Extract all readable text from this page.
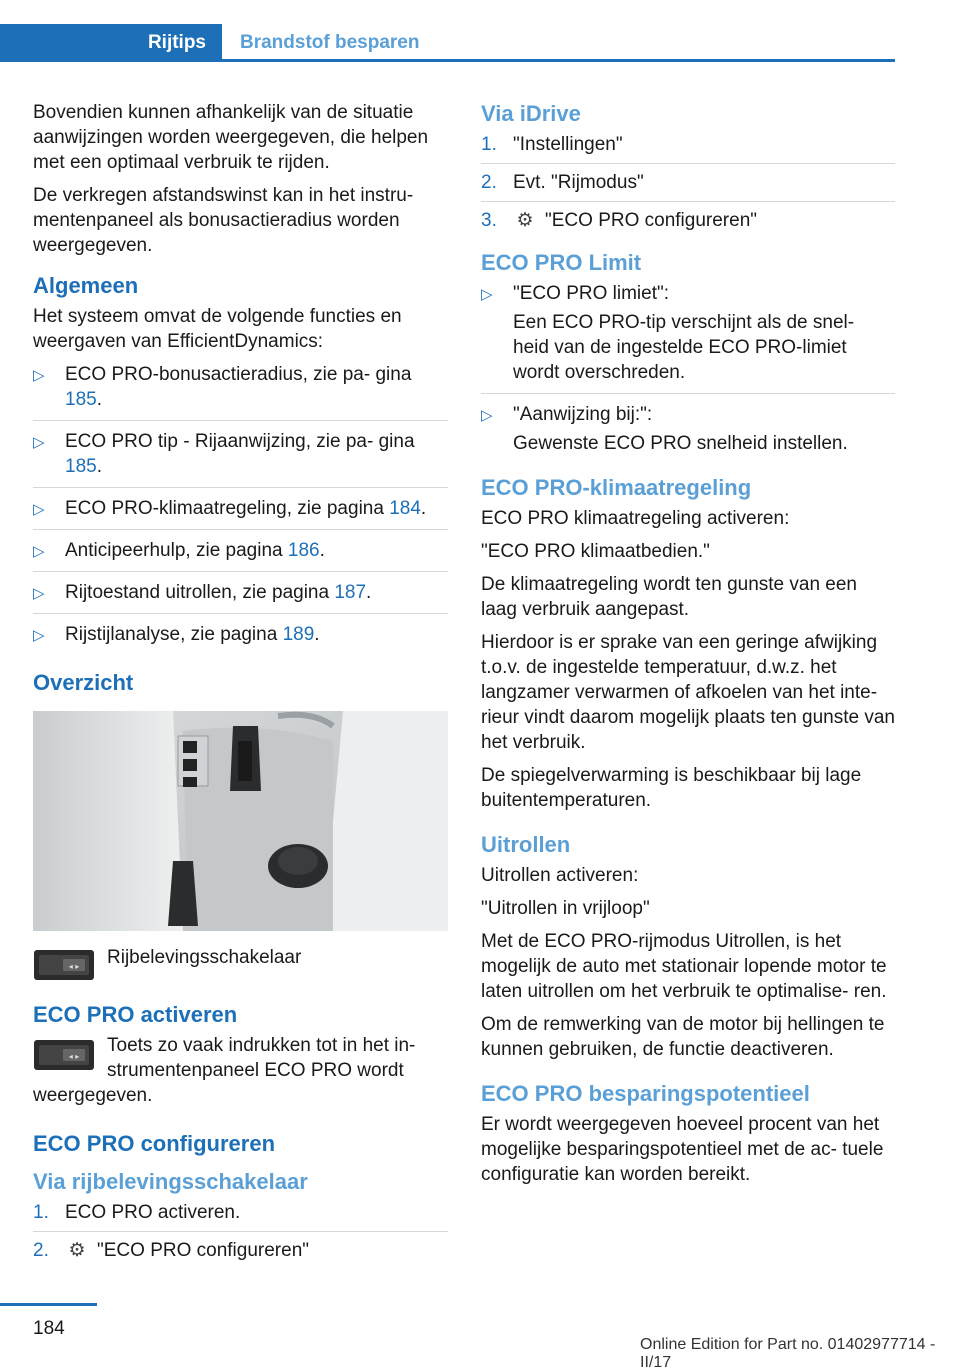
Rijtips Brandstof besparen

Bovendien kunnen afhankelijk van de situatie aanwijzingen worden weergegeven, die helpen met een optimaal verbruik te rijden.

De verkregen afstandswinst kan in het instru- mentenpaneel als bonusactieradius worden weergegeven.

Algemeen

Het systeem omvat de volgende functies en weergaven van EfficientDynamics:

▷ ECO PRO-bonusactieradius, zie pa- gina 185.
▷ ECO PRO tip - Rijaanwijzing, zie pa- gina 185.
▷ ECO PRO-klimaatregeling, zie pagina 184.
▷ Anticipeerhulp, zie pagina 186.
▷ Rijtoestand uitrollen, zie pagina 187.
▷ Rijstijlanalyse, zie pagina 189.
Overzicht
◂ ▸ Rijbelevingsschakelaar
ECO PRO activeren
◂ ▸
Toets zo vaak indrukken tot in het in- strumentenpaneel ECO PRO wordt weergegeven.
ECO PRO configureren
Via rijbelevingsschakelaar
1. ECO PRO activeren.
2. ⚙ "ECO PRO configureren"
Via iDrive
1. "Instellingen"
2. Evt. "Rijmodus"
3. ⚙ "ECO PRO configureren"
ECO PRO Limit
▷ "ECO PRO limiet":
Een ECO PRO-tip verschijnt als de snel- heid van de ingestelde ECO PRO-limiet wordt overschreden.
▷ "Aanwijzing bij:":
Gewenste ECO PRO snelheid instellen.
ECO PRO-klimaatregeling

ECO PRO klimaatregeling activeren:

"ECO PRO klimaatbedien."

De klimaatregeling wordt ten gunste van een laag verbruik aangepast.

Hierdoor is er sprake van een geringe afwijking t.o.v. de ingestelde temperatuur, d.w.z. het langzamer verwarmen of afkoelen van het inte- rieur vindt daarom mogelijk plaats ten gunste van het verbruik.

De spiegelverwarming is beschikbaar bij lage buitentemperaturen.

Uitrollen

Uitrollen activeren:

"Uitrollen in vrijloop"

Met de ECO PRO-rijmodus Uitrollen, is het mogelijk de auto met stationair lopende motor te laten uitrollen om het verbruik te optimalise- ren.

Om de remwerking van de motor bij hellingen te kunnen gebruiken, de functie deactiveren.

ECO PRO besparingspotentieel

Er wordt weergegeven hoeveel procent van het mogelijke besparingspotentieel met de ac- tuele configuratie kan worden bereikt.

184
Online Edition for Part no. 01402977714 - II/17
